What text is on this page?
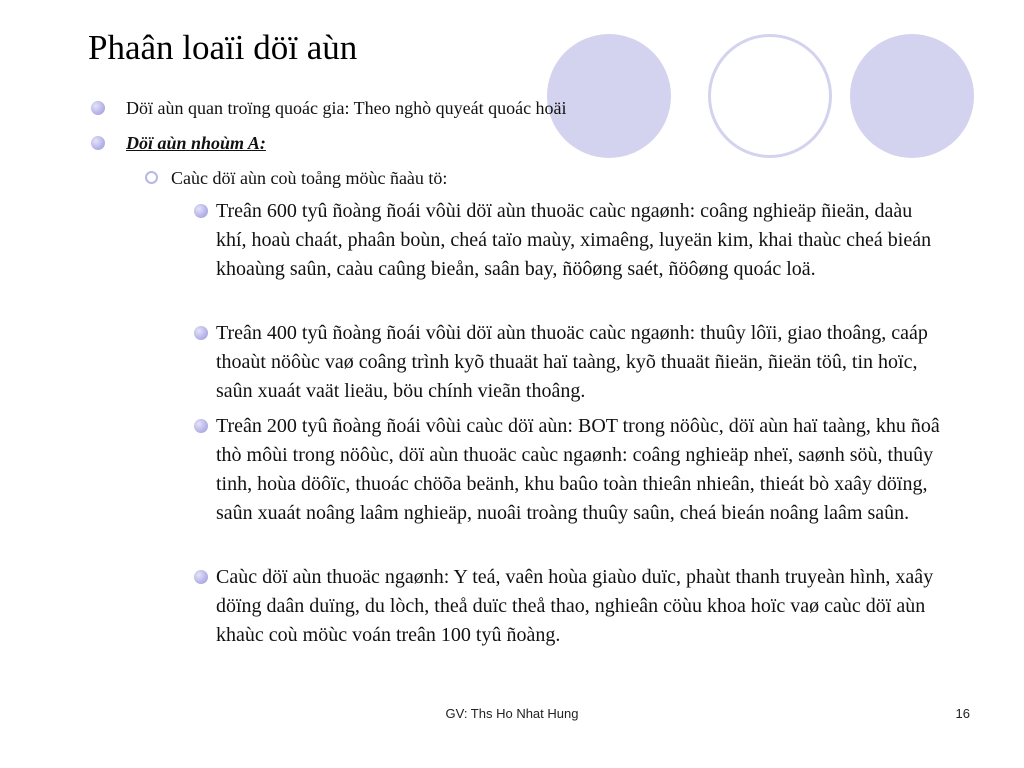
Phaân loaïi döï aùn
Döï aùn quan troïng quoác gia: Theo nghò quyeát quoác hoäi
Döï aùn nhoùm A:
Caùc döï aùn coù toång möùc ñaàu tö:
Treân 600 tyû ñoàng ñoái vôùi döï aùn thuoäc caùc ngaønh: coâng nghieäp ñieän, daàu khí, hoaù chaát, phaân boùn, cheá taïo maùy, ximaêng, luyeän kim, khai thaùc cheá bieán khoaùng saûn, caàu caûng bieån, saân bay, ñöôøng saét, ñöôøng quoác loä.
Treân 400 tyû ñoàng ñoái vôùi döï aùn thuoäc caùc ngaønh: thuûy lôïi, giao thoâng, caáp thoaùt nöôùc vaø coâng trình kyõ thuaät haï taàng, kyõ thuaät ñieän, ñieän töû, tin hoïc, saûn xuaát vaät lieäu, böu chính vieãn thoâng.
Treân 200 tyû ñoàng ñoái vôùi caùc döï aùn: BOT trong nöôùc, döï aùn haï taàng, khu ñoâ thò môùi trong nöôùc, döï aùn thuoäc caùc ngaønh: coâng nghieäp nheï, saønh söù, thuûy tinh, hoùa döôïc, thuoác chöõa beänh, khu baûo toàn thieân nhieân, thieát bò xaây döïng, saûn xuaát noâng laâm nghieäp, nuoâi troàng thuûy saûn, cheá bieán noâng laâm saûn.
Caùc döï aùn thuoäc ngaønh: Y teá, vaên hoùa giaùo duïc, phaùt thanh truyeàn hình, xaây döïng daân duïng, du lòch, theå duïc theå thao, nghieân cöùu khoa hoïc vaø caùc döï aùn khaùc coù möùc voán treân 100 tyû ñoàng.
GV: Ths Ho Nhat Hung	16
